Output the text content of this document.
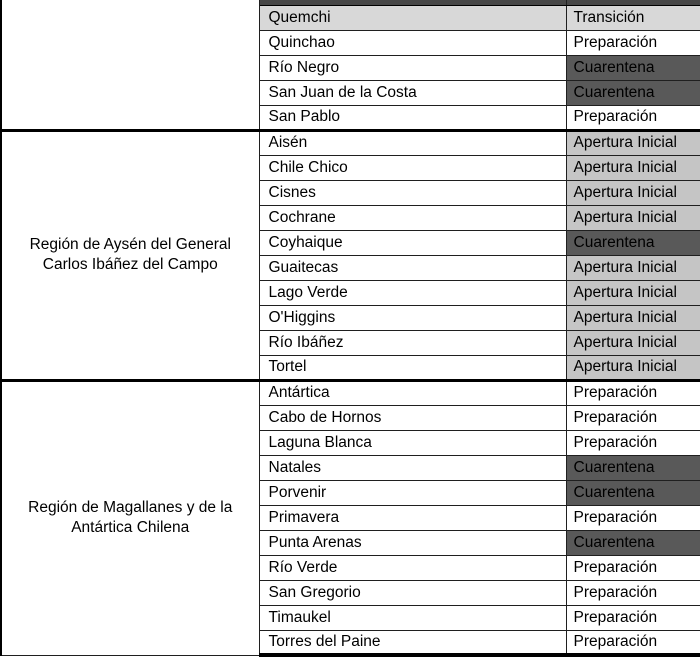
	Quemchi	Transición
	Quinchao	Preparación
	Río Negro	Cuarentena
	San Juan de la Costa	Cuarentena
	San Pablo	Preparación
Región de Aysén del General Carlos Ibáñez del Campo	Aisén	Apertura Inicial
	Chile Chico	Apertura Inicial
	Cisnes	Apertura Inicial
	Cochrane	Apertura Inicial
	Coyhaique	Cuarentena
	Guaitecas	Apertura Inicial
	Lago Verde	Apertura Inicial
	O'Higgins	Apertura Inicial
	Río Ibáñez	Apertura Inicial
	Tortel	Apertura Inicial
Región de Magallanes y de la Antártica Chilena	Antártica	Preparación
	Cabo de Hornos	Preparación
	Laguna Blanca	Preparación
	Natales	Cuarentena
	Porvenir	Cuarentena
	Primavera	Preparación
	Punta Arenas	Cuarentena
	Río Verde	Preparación
	San Gregorio	Preparación
	Timaukel	Preparación
	Torres del Paine	Preparación
